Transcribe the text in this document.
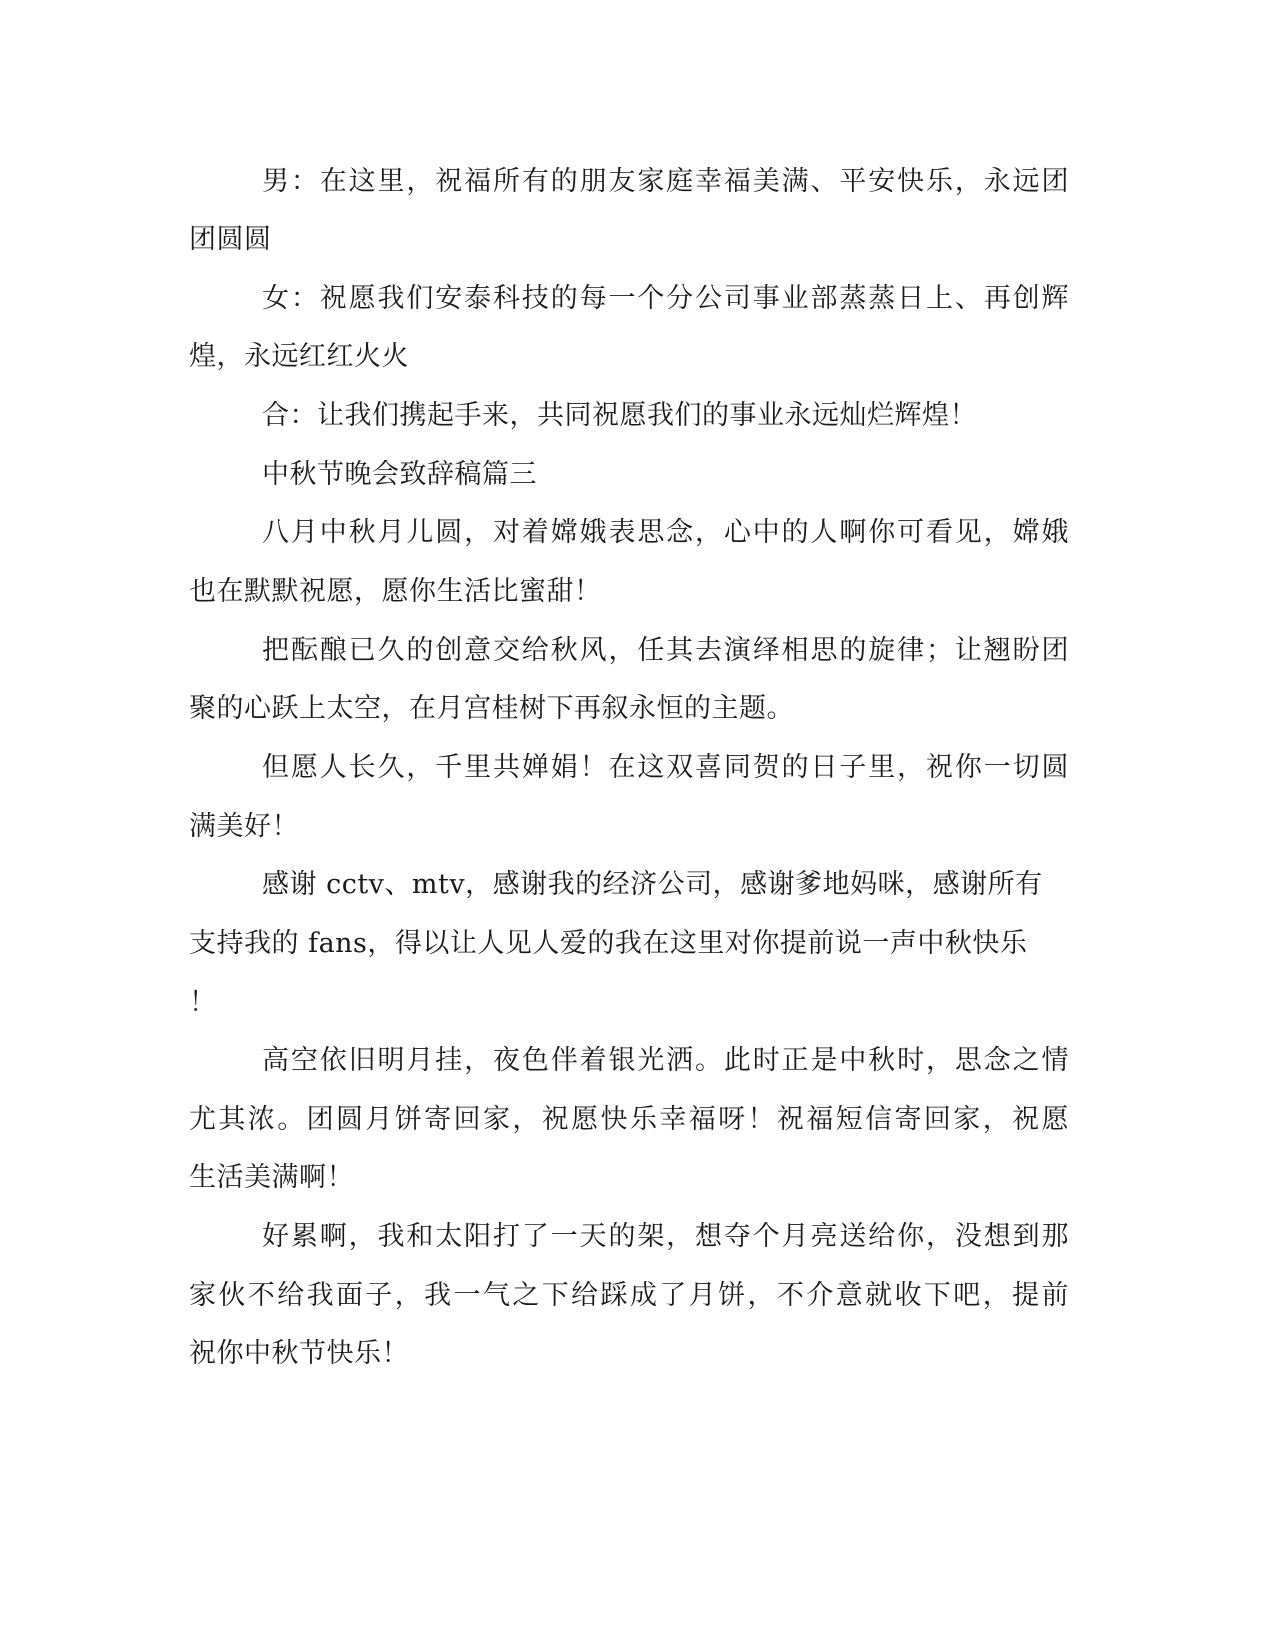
男：在这里，祝福所有的朋友家庭幸福美满、平安快乐，永远团
团圆圆
女：祝愿我们安泰科技的每一个分公司事业部蒸蒸日上、再创辉
煌，永远红红火火
合：让我们携起手来，共同祝愿我们的事业永远灿烂辉煌！
中秋节晚会致辞稿篇三
八月中秋月儿圆，对着嫦娥表思念，心中的人啊你可看见，嫦娥
也在默默祝愿，愿你生活比蜜甜！
把酝酿已久的创意交给秋风，任其去演绎相思的旋律；让翘盼团
聚的心跃上太空，在月宫桂树下再叙永恒的主题。
但愿人长久，千里共婵娟！在这双喜同贺的日子里，祝你一切圆
满美好！
感谢 cctv、mtv，感谢我的经济公司，感谢爹地妈咪，感谢所有
支持我的 fans，得以让人见人爱的我在这里对你提前说一声中秋快乐
！
高空依旧明月挂，夜色伴着银光洒。此时正是中秋时，思念之情
尤其浓。团圆月饼寄回家，祝愿快乐幸福呀！祝福短信寄回家，祝愿
生活美满啊！
好累啊，我和太阳打了一天的架，想夺个月亮送给你，没想到那
家伙不给我面子，我一气之下给踩成了月饼，不介意就收下吧，提前
祝你中秋节快乐！
